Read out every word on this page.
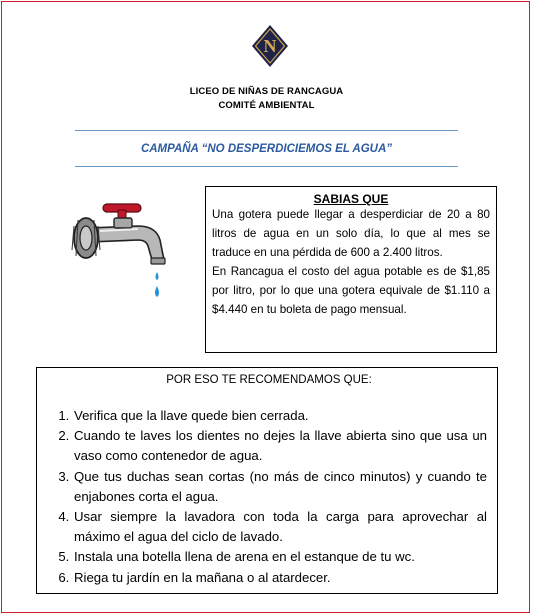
N
LICEO DE NIÑAS DE RANCAGUA
COMITÉ AMBIENTAL
CAMPAÑA “NO DESPERDICIEMOS EL AGUA”
SABIAS QUE

Una gotera puede llegar a desperdiciar de 20 a 80 litros de agua en un solo día, lo que al mes se traduce en una pérdida de 600 a 2.400 litros.

En Rancagua el costo del agua potable es de $1,85 por litro, por lo que una gotera equivale de $1.110 a $4.440 en tu boleta de pago mensual.

POR ESO TE RECOMENDAMOS QUE:
1. Verifica que la llave quede bien cerrada.
2. Cuando te laves los dientes no dejes la llave abierta sino que usa un vaso como contenedor de agua.
3. Que tus duchas sean cortas (no más de cinco minutos) y cuando te enjabones corta el agua.
4. Usar siempre la lavadora con toda la carga para aprovechar al máximo el agua del ciclo de lavado.
5. Instala una botella llena de arena en el estanque de tu wc.
6. Riega tu jardín en la mañana o al atardecer.
